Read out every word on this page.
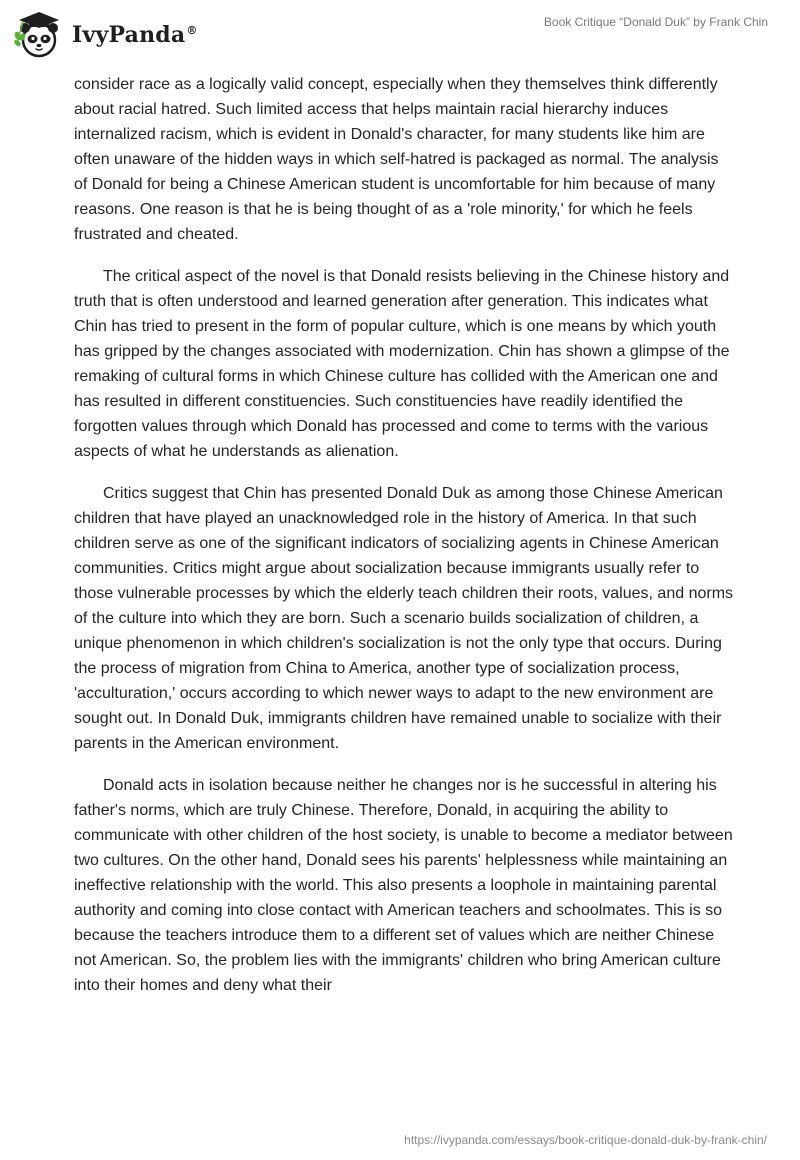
IvyPanda®
Book Critique “Donald Duk” by Frank Chin

consider race as a logically valid concept, especially when they themselves think differently about racial hatred. Such limited access that helps maintain racial hierarchy induces internalized racism, which is evident in Donald's character, for many students like him are often unaware of the hidden ways in which self-hatred is packaged as normal. The analysis of Donald for being a Chinese American student is uncomfortable for him because of many reasons. One reason is that he is being thought of as a 'role minority,' for which he feels frustrated and cheated.

The critical aspect of the novel is that Donald resists believing in the Chinese history and truth that is often understood and learned generation after generation. This indicates what Chin has tried to present in the form of popular culture, which is one means by which youth has gripped by the changes associated with modernization. Chin has shown a glimpse of the remaking of cultural forms in which Chinese culture has collided with the American one and has resulted in different constituencies. Such constituencies have readily identified the forgotten values through which Donald has processed and come to terms with the various aspects of what he understands as alienation.

Critics suggest that Chin has presented Donald Duk as among those Chinese American children that have played an unacknowledged role in the history of America. In that such children serve as one of the significant indicators of socializing agents in Chinese American communities. Critics might argue about socialization because immigrants usually refer to those vulnerable processes by which the elderly teach children their roots, values, and norms of the culture into which they are born. Such a scenario builds socialization of children, a unique phenomenon in which children's socialization is not the only type that occurs. During the process of migration from China to America, another type of socialization process, 'acculturation,' occurs according to which newer ways to adapt to the new environment are sought out. In Donald Duk, immigrants children have remained unable to socialize with their parents in the American environment.

Donald acts in isolation because neither he changes nor is he successful in altering his father's norms, which are truly Chinese. Therefore, Donald, in acquiring the ability to communicate with other children of the host society, is unable to become a mediator between two cultures. On the other hand, Donald sees his parents' helplessness while maintaining an ineffective relationship with the world. This also presents a loophole in maintaining parental authority and coming into close contact with American teachers and schoolmates. This is so because the teachers introduce them to a different set of values which are neither Chinese not American. So, the problem lies with the immigrants' children who bring American culture into their homes and deny what their

https://ivypanda.com/essays/book-critique-donald-duk-by-frank-chin/
